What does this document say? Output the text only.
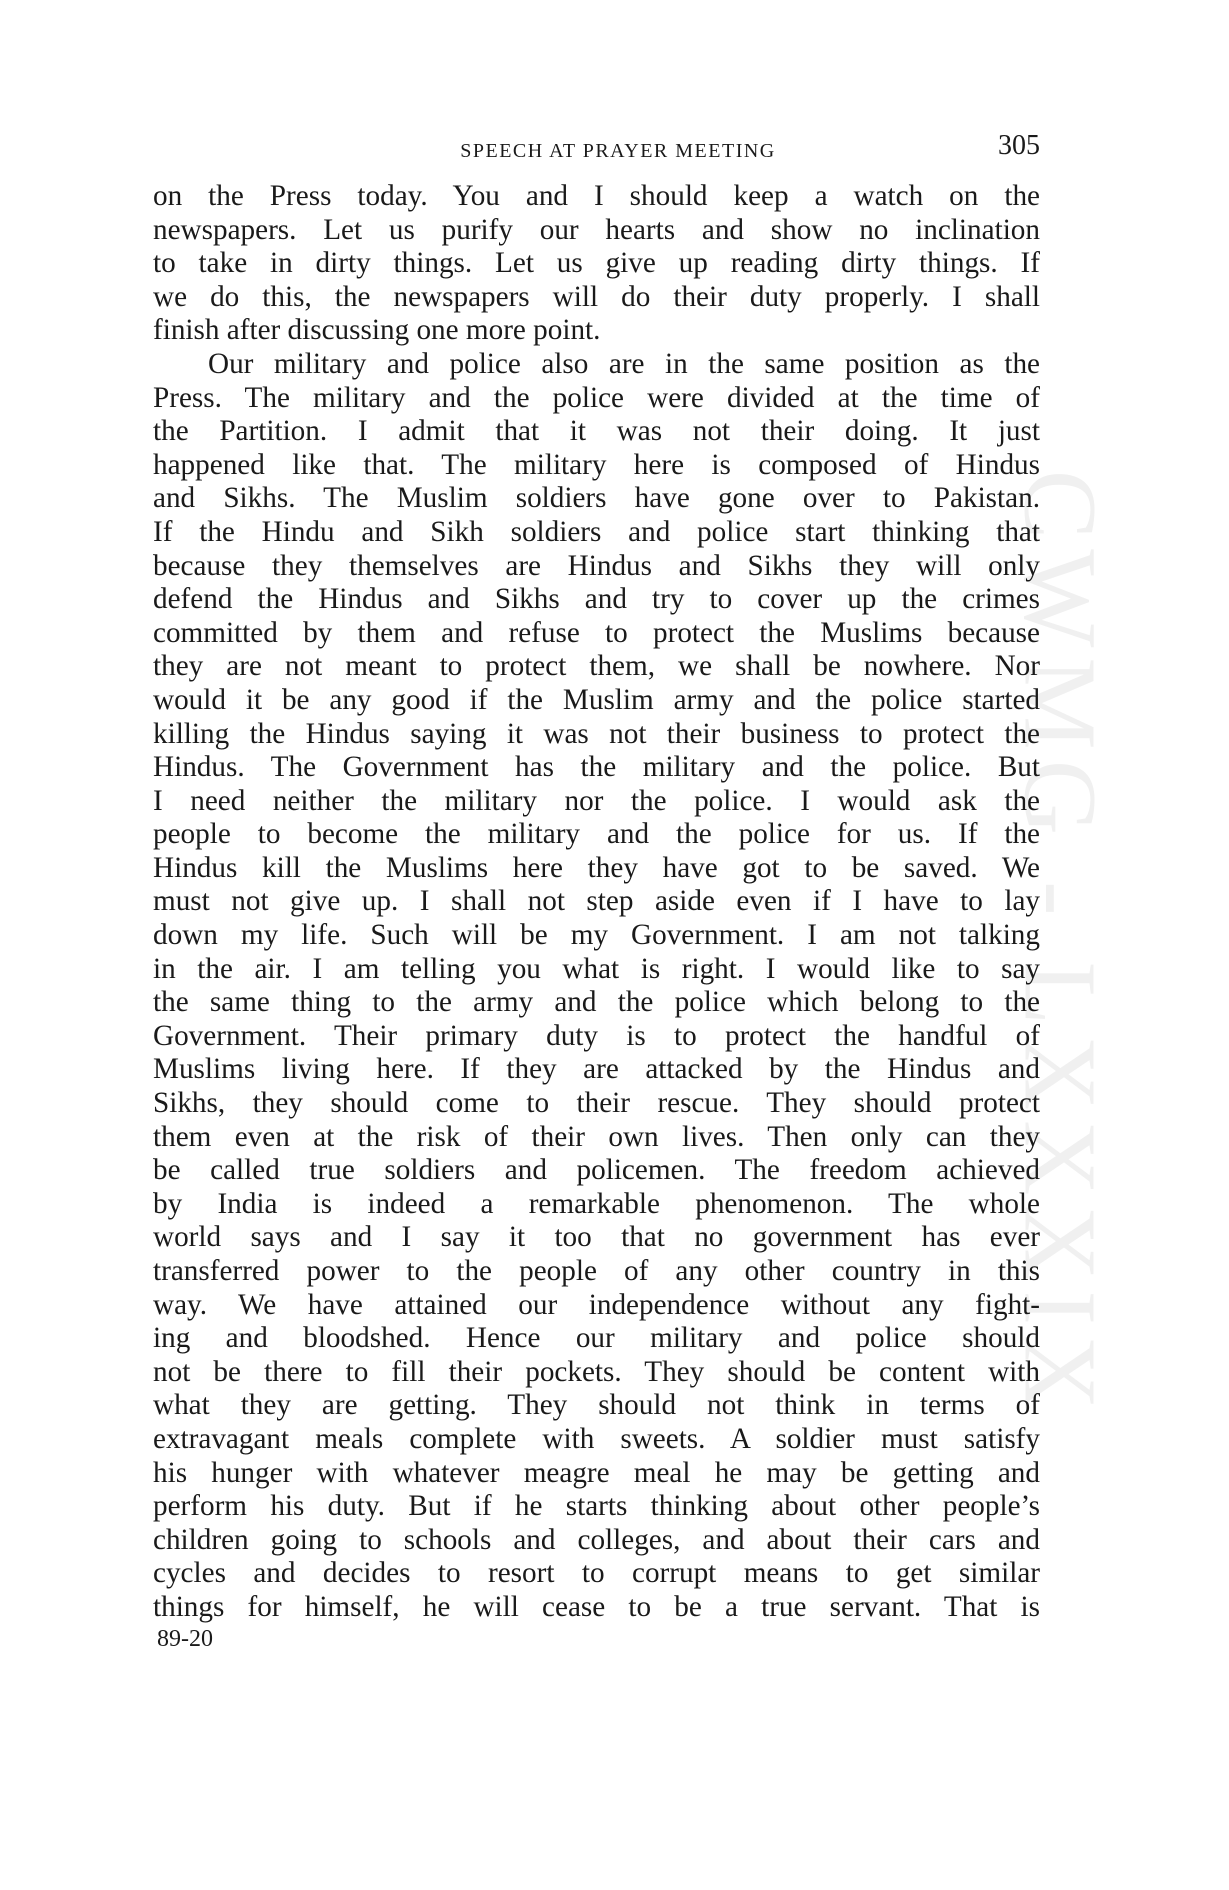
CWMG - LXXXIX
SPEECH AT PRAYER MEETING	305
on the Press today. You and I should keep a watch on the
newspapers. Let us purify our hearts and show no inclination
to take in dirty things. Let us give up reading dirty things. If
we do this, the newspapers will do their duty properly. I shall
finish after discussing one more point.
Our military and police also are in the same position as the
Press. The military and the police were divided at the time of
the Partition. I admit that it was not their doing. It just
happened like that. The military here is composed of Hindus
and Sikhs. The Muslim soldiers have gone over to Pakistan.
If the Hindu and Sikh soldiers and police start thinking that
because they themselves are Hindus and Sikhs they will only
defend the Hindus and Sikhs and try to cover up the crimes
committed by them and refuse to protect the Muslims because
they are not meant to protect them, we shall be nowhere. Nor
would it be any good if the Muslim army and the police started
killing the Hindus saying it was not their business to protect the
Hindus. The Government has the military and the police. But
I need neither the military nor the police. I would ask the
people to become the military and the police for us. If the
Hindus kill the Muslims here they have got to be saved. We
must not give up. I shall not step aside even if I have to lay
down my life. Such will be my Government. I am not talking
in the air. I am telling you what is right. I would like to say
the same thing to the army and the police which belong to the
Government. Their primary duty is to protect the handful of
Muslims living here. If they are attacked by the Hindus and
Sikhs, they should come to their rescue. They should protect
them even at the risk of their own lives. Then only can they
be called true soldiers and policemen. The freedom achieved
by India is indeed a remarkable phenomenon. The whole
world says and I say it too that no government has ever
transferred power to the people of any other country in this
way. We have attained our independence without any fight-
ing and bloodshed. Hence our military and police should
not be there to fill their pockets. They should be content with
what they are getting. They should not think in terms of
extravagant meals complete with sweets. A soldier must satisfy
his hunger with whatever meagre meal he may be getting and
perform his duty. But if he starts thinking about other people’s
children going to schools and colleges, and about their cars and
cycles and decides to resort to corrupt means to get similar
things for himself, he will cease to be a true servant. That is
89-20
